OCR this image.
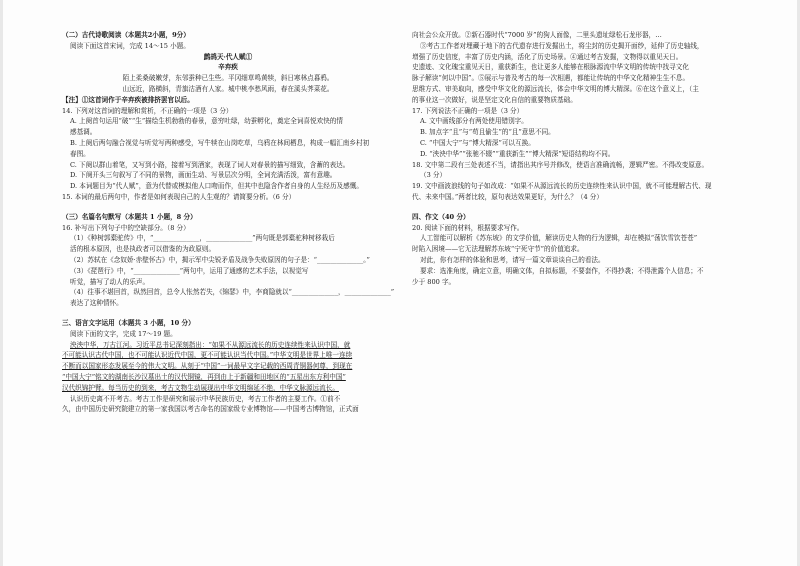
（二）古代诗歌阅读（本题共2小题，9分）
阅读下面这首宋词，完成 14～15 小题。
鹧鸪天·代人赋①
辛弃疾
陌上柔桑破嫩芽，东邻蚕种已生些。平冈细草鸣黄犊，斜日寒林点暮鸦。
山远近，路横斜，青旗沽酒有人家。城中桃李愁风雨，春在溪头荠菜花。
【注】①这首词作于辛弃疾被排挤罢官以后。
14. 下列对这首词的理解和赏析，不正确的一项是（3 分）
A. 上阕首句运用“破”“生”描绘生机勃勃的春景，意穷吐绿，幼蚕孵化，奠定全词喜悦欢快的情
感基调。
B. 上阕后两句融合视觉与听觉写两种感受，写牛犊在山岗吃草，乌鸦在林间栖息，构成一幅汇南乡村初
春图。
C. 下阕以群山着笔，又写到小路，接着写到酒家，表现了词人对春景的描写细致，含蓄的表达。
D. 下阕开头三句叙写了不同的景物，画面生动、写景层次分明，全词充满活泼，富有意趣。
D. 本词题目为“代人赋”，意为代替或模拟他人口吻而作，但其中也隐含作者自身的人生经历及感慨。
15. 本词的最后两句中，作者是如何表现自己的人生观的？请简要分析。（6 分）
（三）名篇名句默写（本题共 1 小题，8 分）
16. 补写出下列句子中的空缺部分。（8 分）
（1）《种树郭橐驼传》中，“______________，______________”两句既是郭橐驼种树移栽后
活的根本原因，也是执政者可以借鉴的为政原则。
（2）苏轼在《念奴娇·赤壁怀古》中，揭示军中尖锐矛盾及战争失败原因的句子是：“______________。”
（3）《琵琶行》中，“______________”两句中，运用了通感的艺术手法，以视觉写
听觉，描写了动人的乐声。
（4）往事不堪回首，纵然回首，总令人怅然若失，《锦瑟》中，李商隐就以“______________，______________”
表达了这种情怀。
三、语言文字运用（本题共 3 小题，10 分）
阅读下面的文字，完成 17～19 题。
泱泱中华，万古江河。习近平总书记深刻指出：“如果不从源远流长的历史连续性来认识中国，就
不可能认识古代中国，也不可能认识近代中国，更不可能认识当代中国。”中华文明是世界上唯一连续
不断而以国家形态发展至今的伟大文明。从刻于“中国”一词最早文字记载的西周青铜器何尊，到现在
“中国大宁”铭文的湖南长沙汉墓出土的汉代铜镜，再到由上于新疆和田地区的“五星出东方利中国”
汉代织锦护臂。每当历史的到来，考古文物生动展现出中华文明绵延不绝，中华文脉源远流长。
认识历史离不开考古。考古工作是研究和展示中华民族历史，考古工作者的主要工作。①前不
久，由中国历史研究院建立的第一家我国以考古命名的国家级专业博物馆——中国考古博物馆，正式面
向社会公众开放。②新石器时代“7000 岁”的狗人面像，二里头遗址绿松石龙形器，…
③考古工作者对埋藏于地下的古代遗存进行发掘出土，将尘封的历史揭开面纱，延伸了历史轴线，
增强了历史信度，丰富了历史内涵，活化了历史场景。④通过考古发掘，文物得以重见天日。
史遗迹、文化瑰宝重见天日，重获新生，也让更多人能够在根脉源流中华文明的传统中找寻文化
脉子解读“何以中国”。⑤展示与普及考古的每一次相遇，都能让传统的中华文化精神生生不息。
思维方式、审美取向，感受中华文化的源远流长，体会中华文明的博大精深。⑥在这个意义上，（主
的事业这一次做好，说是坚定文化自信的重要物质基础。
17. 下列说法不正确的一项是（3 分）
A. 文中画线部分有两处使用错别字。
B. 加点字“且”与“苟且偷生”的“且”意思不同。
C. “中国大宁”与“博大精深”可以互换。
D. “泱泱中华”“张驰不辍”“重获新生”“博大精深”短语结构均不同。
18. 文中第二段有三处表述不当，请指出其序号并修改，使语言准确流畅，逻辑严密。不得改变原意。
（3 分）
19. 文中画波浪线的句子如改成：“如果不从源远流长的历史连续性来认识中国，就不可能理解古代、现
代、未来中国。”两者比较，原句表达效果更好，为什么？（4 分）
四、作文（40 分）
20. 阅读下面的材料，根据要求写作。
人工智能可以解析《苏东坡》的文学价值，解读历史人物的行为逻辑，却在模拟“荡饮雪饮苍苍”
时陷入困境——它无法理解苏东坡“宁死守节”的价值追求。
对此，你有怎样的体验和思考，请写一篇文章谈谈自己的看法。
要求：选准角度，确定立意，明确文体，自拟标题，不要套作，不得抄袭；不得泄露个人信息；不
少于 800 字。
